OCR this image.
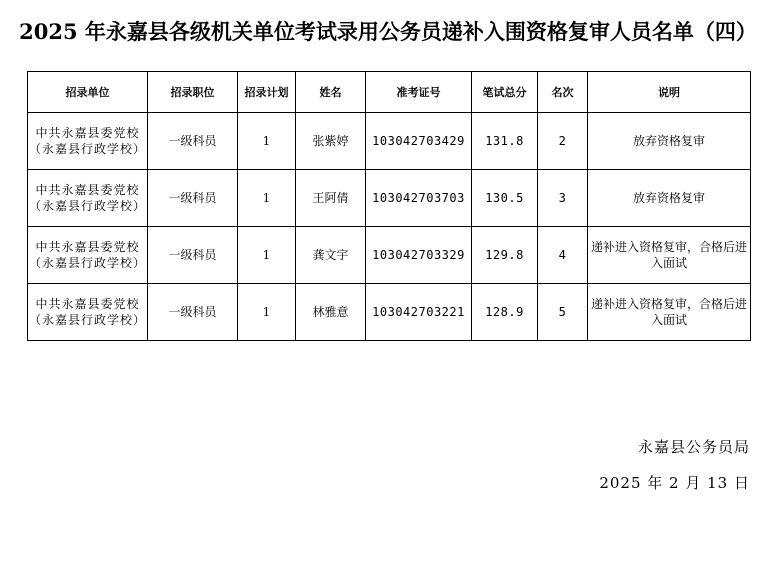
2025 年永嘉县各级机关单位考试录用公务员递补入围资格复审人员名单（四）
招录单位	招录职位	招录计划	姓名	准考证号	笔试总分	名次	说明
中共永嘉县委党校（永嘉县行政学校）	一级科员	1	张紫婷	103042703429	131.8	2	放弃资格复审
中共永嘉县委党校（永嘉县行政学校）	一级科员	1	王阿倩	103042703703	130.5	3	放弃资格复审
中共永嘉县委党校（永嘉县行政学校）	一级科员	1	龚文宇	103042703329	129.8	4	递补进入资格复审，合格后进入面试
中共永嘉县委党校（永嘉县行政学校）	一级科员	1	林雅意	103042703221	128.9	5	递补进入资格复审，合格后进入面试
永嘉县公务员局
2025 年 2 月 13 日
